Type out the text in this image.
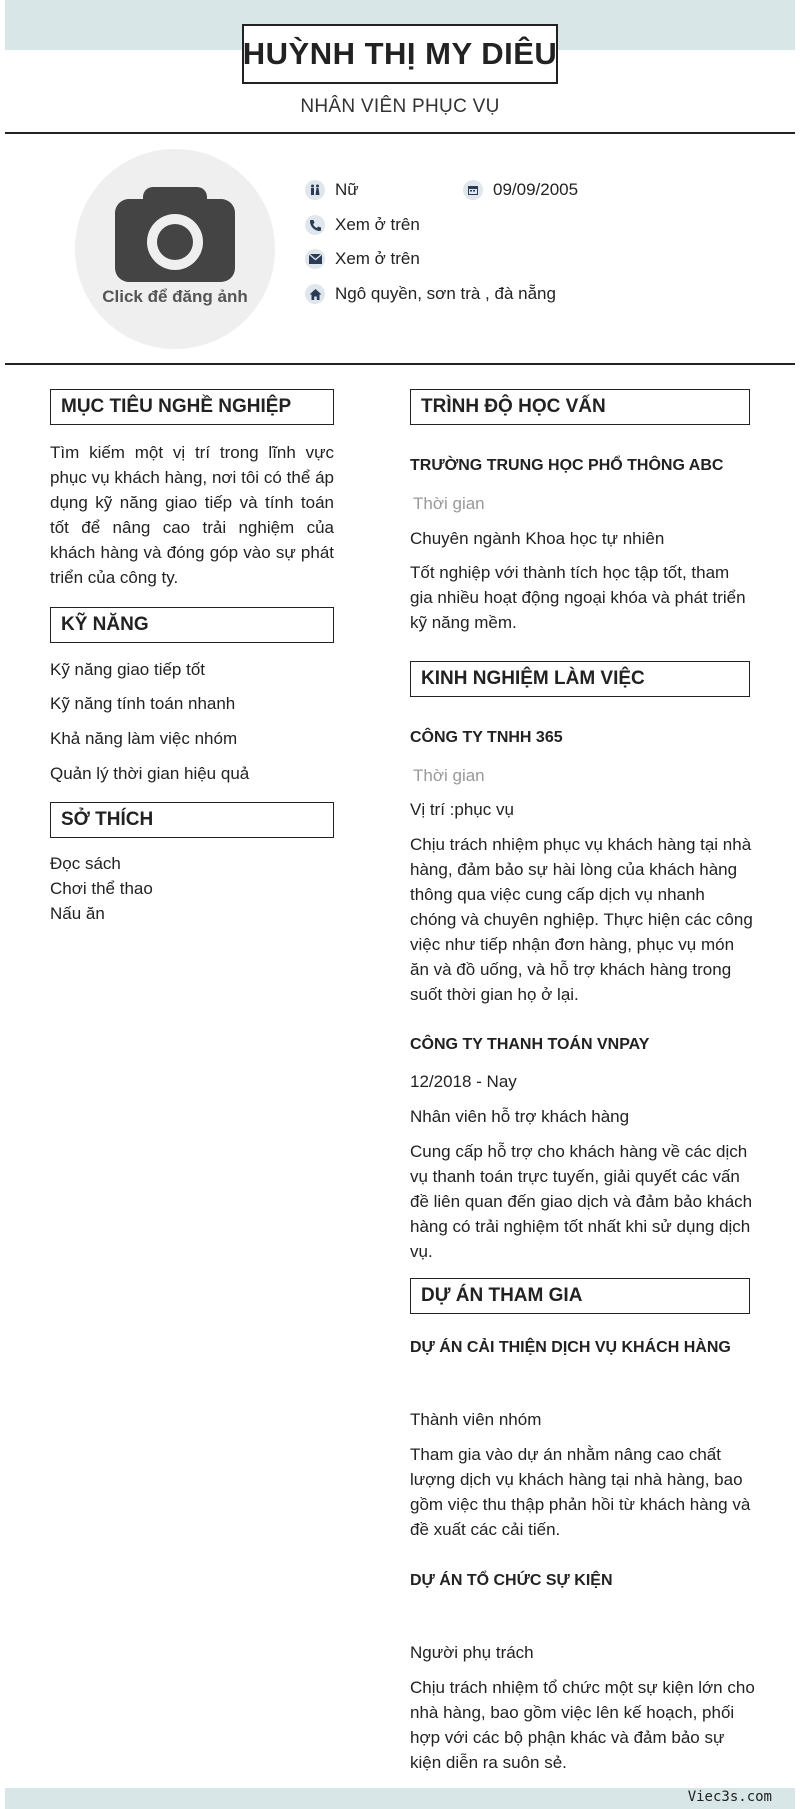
HUỲNH THỊ MY DIÊU
NHÂN VIÊN PHỤC VỤ
Click để đăng ảnh
Nữ	09/09/2005
Xem ở trên
Xem ở trên
Ngô quyền, sơn trà , đà nẵng
MỤC TIÊU NGHỀ NGHIỆP
Tìm kiếm một vị trí trong lĩnh vực phục vụ khách hàng, nơi tôi có thể áp dụng kỹ năng giao tiếp và tính toán tốt để nâng cao trải nghiệm của khách hàng và đóng góp vào sự phát triển của công ty.
KỸ NĂNG
Kỹ năng giao tiếp tốt
Kỹ năng tính toán nhanh
Khả năng làm việc nhóm
Quản lý thời gian hiệu quả
SỞ THÍCH
Đọc sách
Chơi thể thao
Nấu ăn
TRÌNH ĐỘ HỌC VẤN
TRƯỜNG TRUNG HỌC PHỔ THÔNG ABC
Thời gian
Chuyên ngành Khoa học tự nhiên
Tốt nghiệp với thành tích học tập tốt, tham gia nhiều hoạt động ngoại khóa và phát triển kỹ năng mềm.
KINH NGHIỆM LÀM VIỆC
CÔNG TY TNHH 365
Thời gian
Vị trí :phục vụ
Chịu trách nhiệm phục vụ khách hàng tại nhà hàng, đảm bảo sự hài lòng của khách hàng thông qua việc cung cấp dịch vụ nhanh chóng và chuyên nghiệp. Thực hiện các công việc như tiếp nhận đơn hàng, phục vụ món ăn và đồ uống, và hỗ trợ khách hàng trong suốt thời gian họ ở lại.
CÔNG TY THANH TOÁN VNPAY
12/2018 - Nay
Nhân viên hỗ trợ khách hàng
Cung cấp hỗ trợ cho khách hàng về các dịch vụ thanh toán trực tuyến, giải quyết các vấn đề liên quan đến giao dịch và đảm bảo khách hàng có trải nghiệm tốt nhất khi sử dụng dịch vụ.
DỰ ÁN THAM GIA
DỰ ÁN CẢI THIỆN DỊCH VỤ KHÁCH HÀNG
Thành viên nhóm
Tham gia vào dự án nhằm nâng cao chất lượng dịch vụ khách hàng tại nhà hàng, bao gồm việc thu thập phản hồi từ khách hàng và đề xuất các cải tiến.
DỰ ÁN TỔ CHỨC SỰ KIỆN
Người phụ trách
Chịu trách nhiệm tổ chức một sự kiện lớn cho nhà hàng, bao gồm việc lên kế hoạch, phối hợp với các bộ phận khác và đảm bảo sự kiện diễn ra suôn sẻ.
Viec3s.com
